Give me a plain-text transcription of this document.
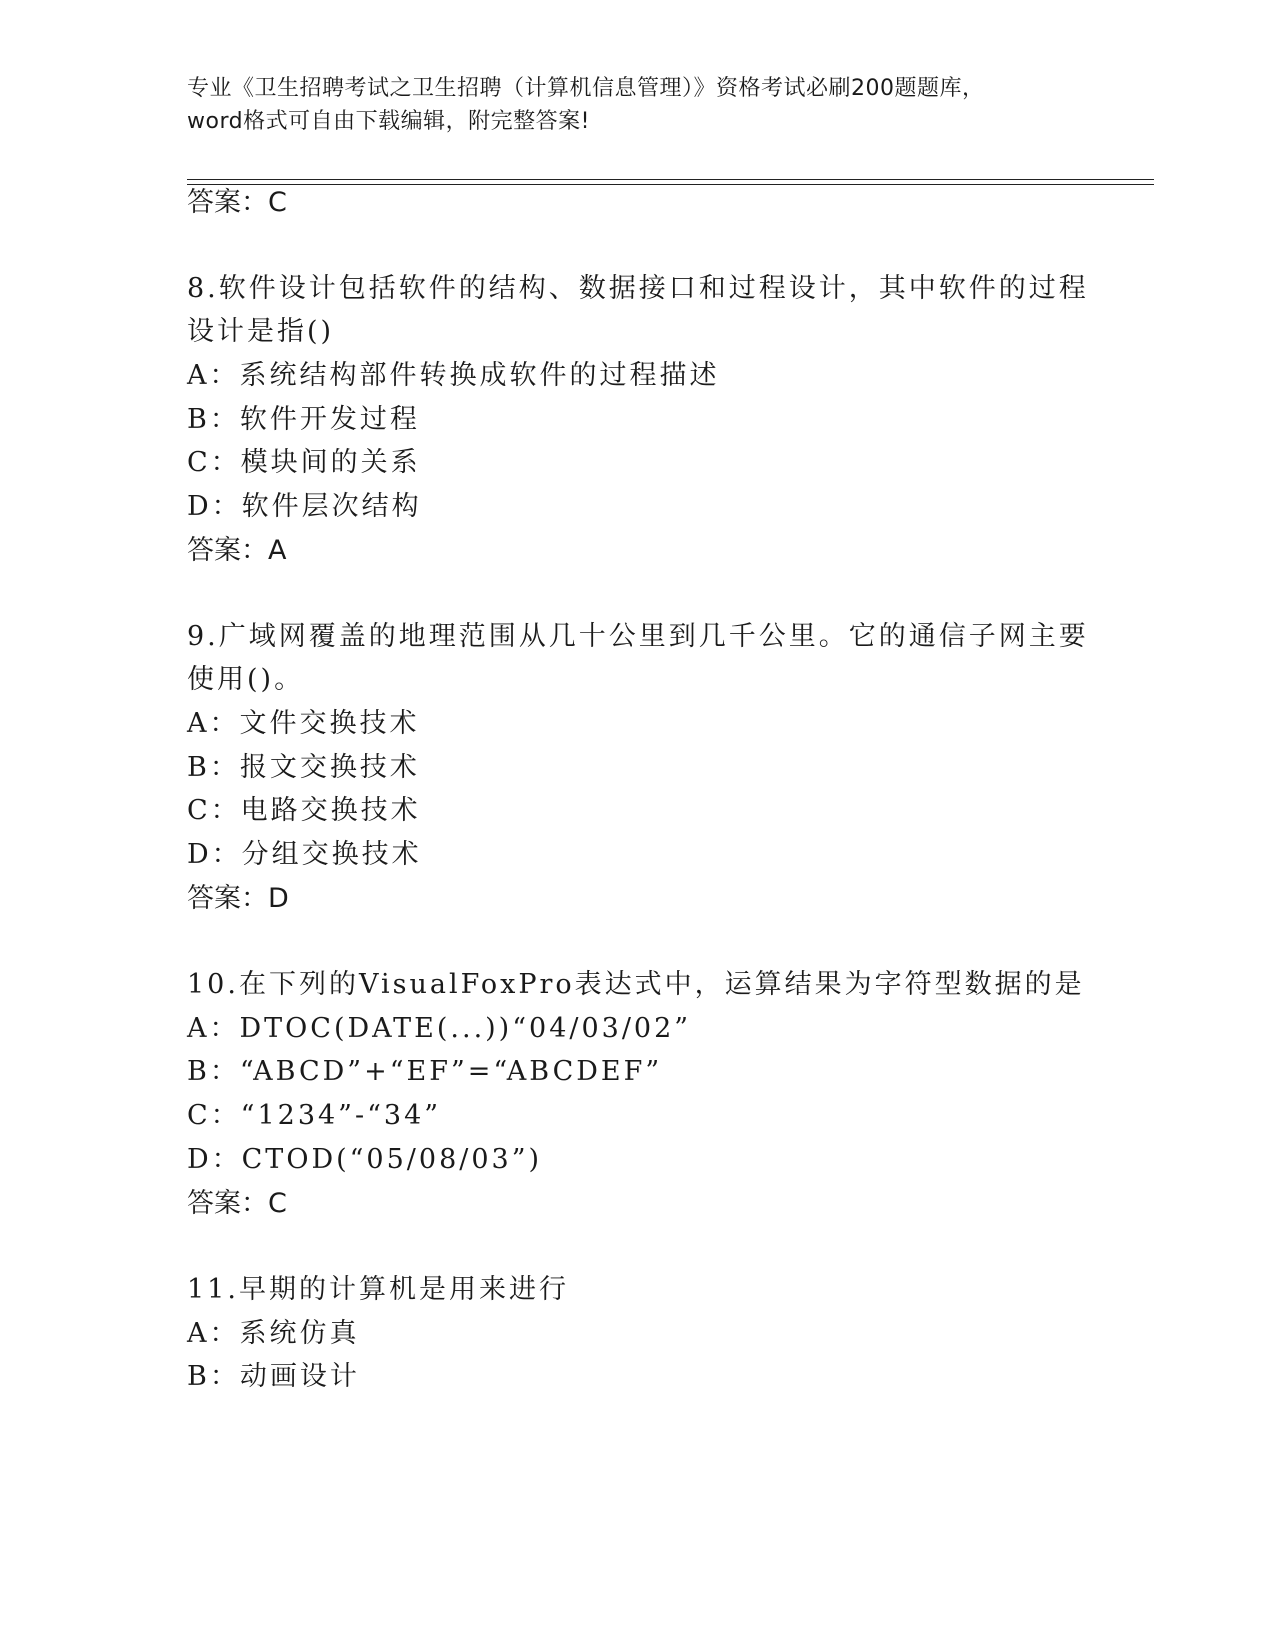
专业《卫生招聘考试之卫生招聘（计算机信息管理）》资格考试必刷200题题库，
word格式可自由下载编辑，附完整答案!
答案：C
8.软件设计包括软件的结构、数据接口和过程设计，其中软件的过程
设计是指()
A：系统结构部件转换成软件的过程描述
B：软件开发过程
C：模块间的关系
D：软件层次结构
答案：A
9.广域网覆盖的地理范围从几十公里到几千公里。它的通信子网主要
使用()。
A：文件交换技术
B：报文交换技术
C：电路交换技术
D：分组交换技术
答案：D
10.在下列的VisualFoxPro表达式中，运算结果为字符型数据的是
A：DTOC(DATE(...))“04/03/02”
B：“ABCD”+“EF”=“ABCDEF”
C：“1234”-“34”
D：CTOD(“05/08/03”)
答案：C
11.早期的计算机是用来进行
A：系统仿真
B：动画设计
